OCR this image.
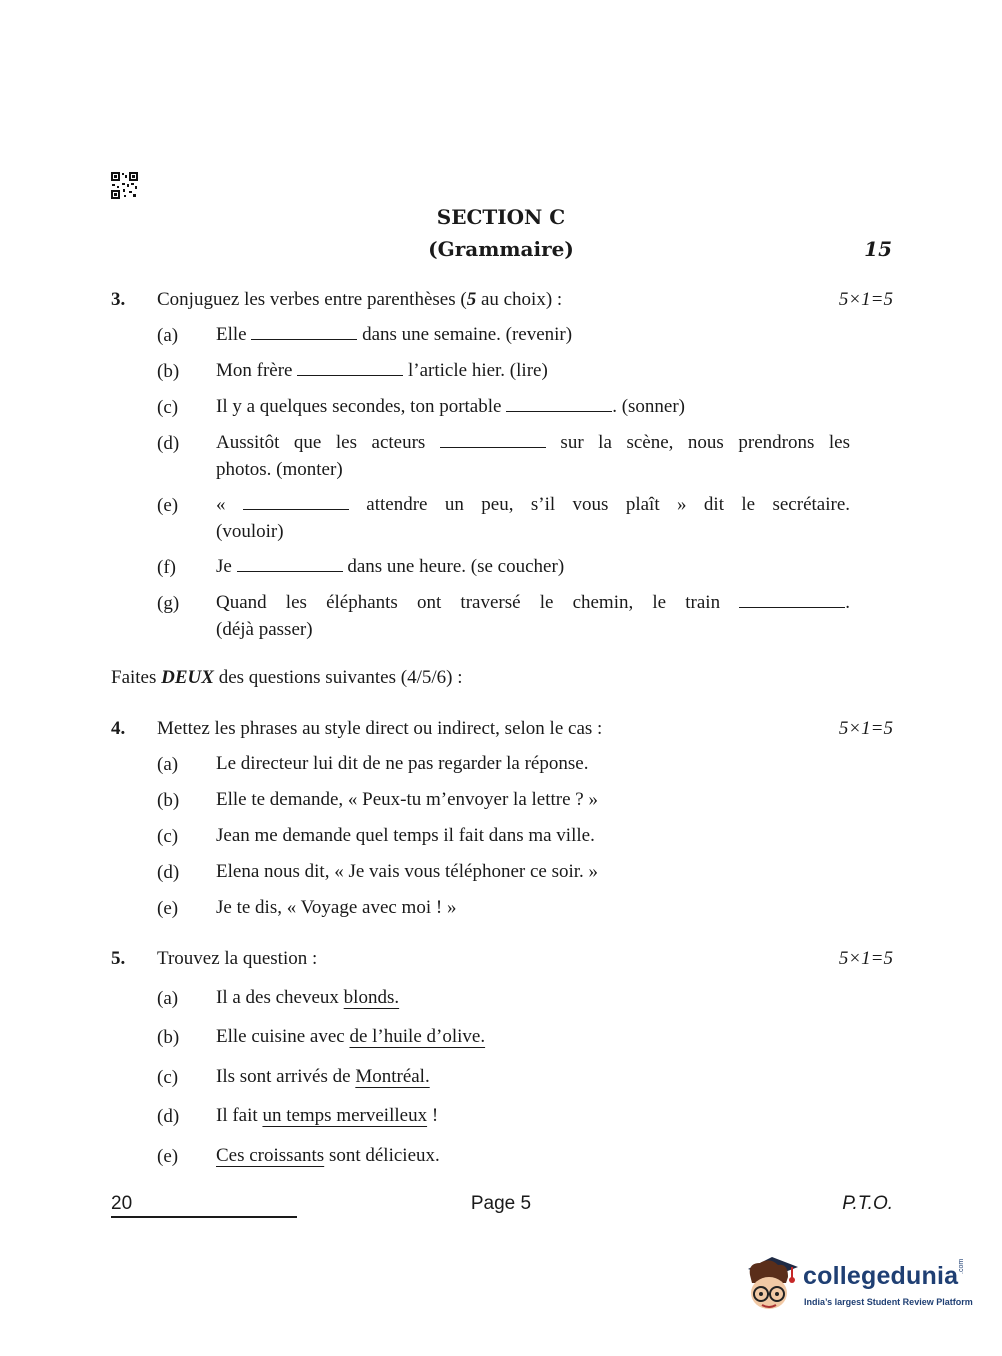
SECTION C
(Grammaire)	15
3. Conjuguez les verbes entre parenthèses (5 au choix) :	5×1=5
(a) Elle	dans une semaine. (revenir)
(b) Mon frère	l’article hier. (lire)
(c) Il y a quelques secondes, ton portable	. (sonner)
(d) Aussitôt que les acteurs	sur la scène, nous prendrons les
photos. (monter)
(e) «	attendre un peu, s’il vous plaît » dit le secrétaire.
(vouloir)
(f) Je	dans une heure. (se coucher)
(g) Quand les éléphants ont traversé le chemin, le train	.
(déjà passer)
Faites DEUX des questions suivantes (4/5/6) :
4. Mettez les phrases au style direct ou indirect, selon le cas :	5×1=5
(a) Le directeur lui dit de ne pas regarder la réponse.
(b) Elle te demande, « Peux-tu m’envoyer la lettre ? »
(c) Jean me demande quel temps il fait dans ma ville.
(d) Elena nous dit, « Je vais vous téléphoner ce soir. »
(e) Je te dis, « Voyage avec moi ! »
5. Trouvez la question :	5×1=5
(a) Il a des cheveux blonds.
(b) Elle cuisine avec de l’huile d’olive.
(c) Ils sont arrivés de Montréal.
(d) Il fait un temps merveilleux !
(e) Ces croissants sont délicieux.
20	Page 5	P.T.O.
collegedunia .com
India’s largest Student Review Platform
